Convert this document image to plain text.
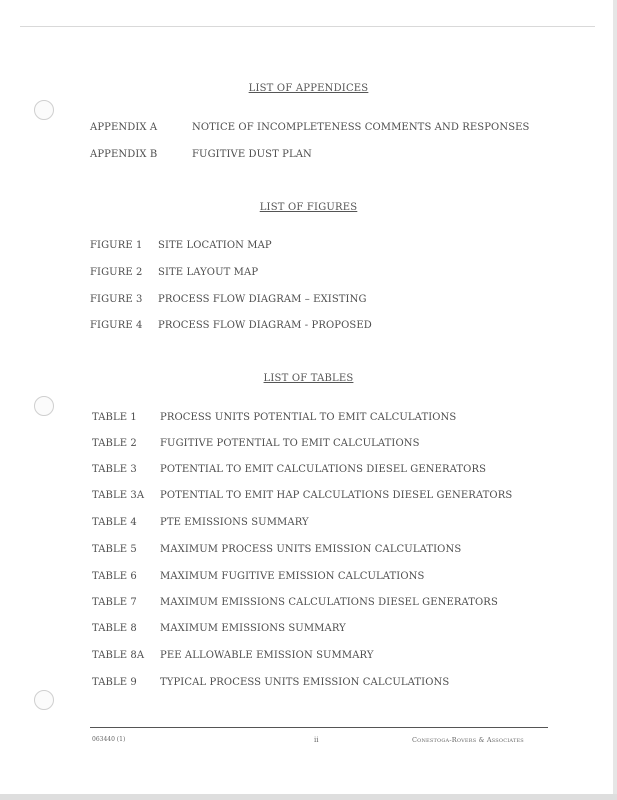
LIST OF APPENDICES
APPENDIX A	NOTICE OF INCOMPLETENESS COMMENTS AND RESPONSES
APPENDIX B	FUGITIVE DUST PLAN
LIST OF FIGURES
FIGURE 1 SITE LOCATION MAP
FIGURE 2 SITE LAYOUT MAP
FIGURE 3 PROCESS FLOW DIAGRAM – EXISTING
FIGURE 4 PROCESS FLOW DIAGRAM - PROPOSED
LIST OF TABLES
TABLE 1 PROCESS UNITS POTENTIAL TO EMIT CALCULATIONS
TABLE 2 FUGITIVE POTENTIAL TO EMIT CALCULATIONS
TABLE 3 POTENTIAL TO EMIT CALCULATIONS DIESEL GENERATORS
TABLE 3A POTENTIAL TO EMIT HAP CALCULATIONS DIESEL GENERATORS
TABLE 4 PTE EMISSIONS SUMMARY
TABLE 5 MAXIMUM PROCESS UNITS EMISSION CALCULATIONS
TABLE 6 MAXIMUM FUGITIVE EMISSION CALCULATIONS
TABLE 7 MAXIMUM EMISSIONS CALCULATIONS DIESEL GENERATORS
TABLE 8 MAXIMUM EMISSIONS SUMMARY
TABLE 8A PEE ALLOWABLE EMISSION SUMMARY
TABLE 9 TYPICAL PROCESS UNITS EMISSION CALCULATIONS
063440 (1)	ii	Conestoga-Rovers & Associates
